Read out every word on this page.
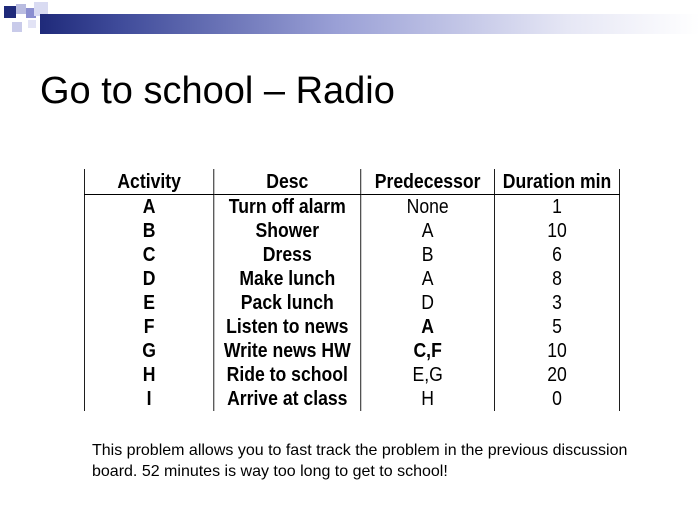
Go to school – Radio
Activity	Desc	Predecessor	Duration min
A	Turn off alarm	None	1
B	Shower	A	10
C	Dress	B	6
D	Make lunch	A	8
E	Pack lunch	D	3
F	Listen to news	A	5
G	Write news HW	C,F	10
H	Ride to school	E,G	20
I	Arrive at class	H	0
This problem allows you to fast track the problem in the previous discussion board. 52 minutes is way too long to get to school!
